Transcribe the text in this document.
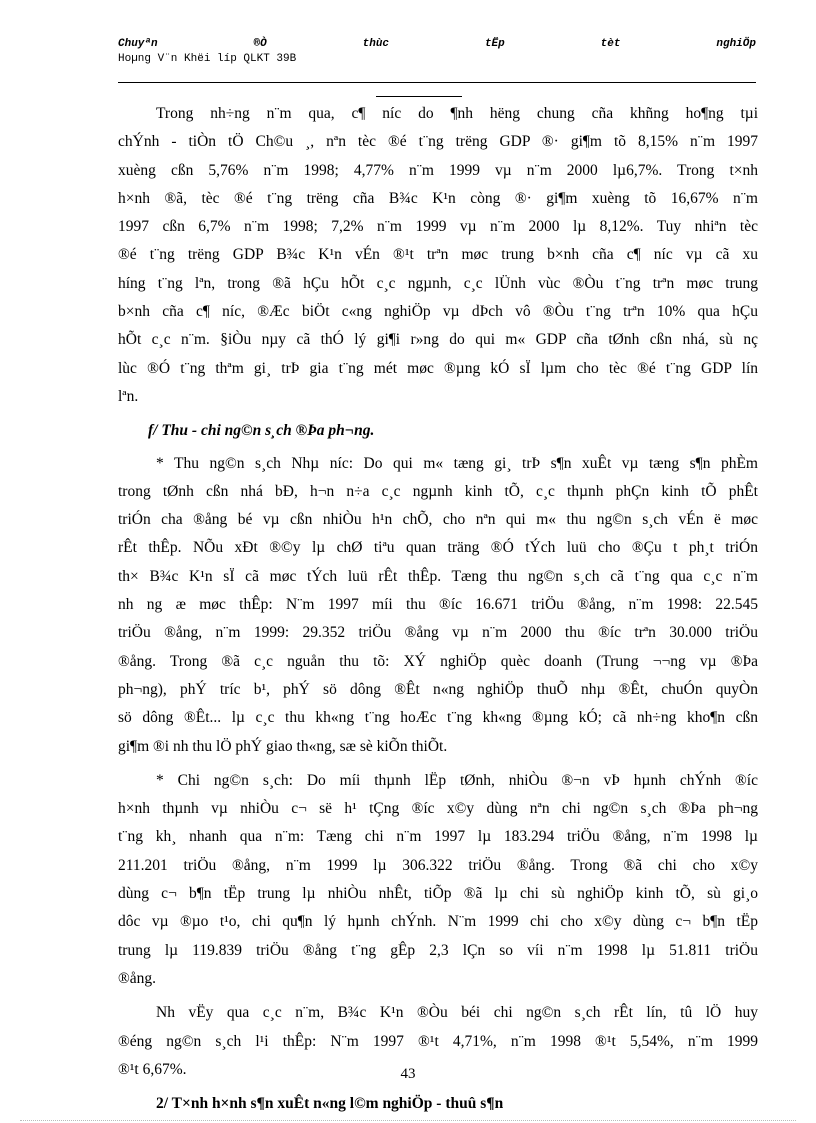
Chuyªn	®Ò	thùc	tËp	tèt	nghiÖp
Hoµng V¨n Khëi líp QLKT 39B
Trong nh÷ng n¨m qua, c¶ níc do ¶nh hëng chung cña khñng ho¶ng tµi
chÝnh - tiÒn tÖ Ch©u ¸, nªn tèc ®é t¨ng trëng GDP ®· gi¶m tõ 8,15% n¨m 1997
xuèng cßn 5,76% n¨m 1998; 4,77% n¨m 1999 vµ n¨m 2000 lµ6,7%. Trong t×nh
h×nh ®ã, tèc ®é t¨ng trëng cña B¾c K¹n còng ®· gi¶m xuèng tõ 16,67% n¨m
1997 cßn 6,7% n¨m 1998; 7,2% n¨m 1999 vµ n¨m 2000 lµ 8,12%. Tuy nhiªn tèc
®é t¨ng trëng GDP B¾c K¹n vÉn ®¹t trªn møc trung b×nh cña c¶ níc vµ cã xu
híng t¨ng lªn, trong ®ã hÇu hÕt c¸c ngµnh, c¸c lÜnh vùc ®Òu t¨ng trªn møc trung
b×nh cña c¶ níc, ®Æc biÖt c«ng nghiÖp vµ dÞch vô ®Òu t¨ng trªn 10% qua hÇu
hÕt c¸c n¨m. §iÒu nµy cã thÓ lý gi¶i r»ng do qui m« GDP cña tØnh cßn nhá, sù nç
lùc ®Ó t¨ng thªm gi¸ trÞ gia t¨ng mét møc ®µng kÓ sÏ lµm cho tèc ®é t¨ng GDP lín
lªn.
f/ Thu - chi ng©n s¸ch ®Þa ph¬ng.
* Thu ng©n s¸ch Nhµ níc: Do qui m« tæng gi¸ trÞ s¶n xuÊt vµ tæng s¶n phÈm
trong tØnh cßn nhá bÐ, h¬n n÷a c¸c ngµnh kinh tÕ, c¸c thµnh phÇn kinh tÕ phÊt
triÓn cha ®ång bé vµ cßn nhiÒu h¹n chÕ, cho nªn qui m« thu ng©n s¸ch vÉn ë møc
rÊt thÊp. NÕu xÐt ®©y lµ chØ tiªu quan träng ®Ó tÝch luü cho ®Çu t ph¸t triÓn
th× B¾c K¹n sÏ cã møc tÝch luü rÊt thÊp. Tæng thu ng©n s¸ch cã t¨ng qua c¸c n¨m
nh ng æ møc thÊp: N¨m 1997 míi thu ®íc 16.671 triÖu ®ång, n¨m 1998: 22.545
triÖu ®ång, n¨m 1999: 29.352 triÖu ®ång vµ n¨m 2000 thu ®íc trªn 30.000 triÖu
®ång. Trong ®ã c¸c nguån thu tõ: XÝ nghiÖp quèc doanh (Trung ¬¬ng vµ ®Þa
ph¬ng), phÝ tríc b¹, phÝ sö dông ®Êt n«ng nghiÖp thuÕ nhµ ®Êt, chuÓn quyÒn
sö dông ®Êt... lµ c¸c thu kh«ng t¨ng hoÆc t¨ng kh«ng ®µng kÓ; cã nh÷ng kho¶n cßn
gi¶m ®i nh thu lÖ phÝ giao th«ng, sæ sè kiÕn thiÕt.
* Chi ng©n s¸ch: Do míi thµnh lËp tØnh, nhiÒu ®¬n vÞ hµnh chÝnh ®íc
h×nh thµnh vµ nhiÒu c¬ së h¹ tÇng ®íc x©y dùng nªn chi ng©n s¸ch ®Þa ph¬ng
t¨ng kh¸ nhanh qua n¨m: Tæng chi n¨m 1997 lµ 183.294 triÖu ®ång, n¨m 1998 lµ
211.201 triÖu ®ång, n¨m 1999 lµ 306.322 triÖu ®ång. Trong ®ã chi cho x©y
dùng c¬ b¶n tËp trung lµ nhiÒu nhÊt, tiÕp ®ã lµ chi sù nghiÖp kinh tÕ, sù gi¸o
dôc vµ ®µo t¹o, chi qu¶n lý hµnh chÝnh. N¨m 1999 chi cho x©y dùng c¬ b¶n tËp
trung lµ 119.839 triÖu ®ång t¨ng gÊp 2,3 lÇn so víi n¨m 1998 lµ 51.811 triÖu
®ång.
Nh vËy qua c¸c n¨m, B¾c K¹n ®Òu béi chi ng©n s¸ch rÊt lín, tû lÖ huy
®éng ng©n s¸ch l¹i thÊp: N¨m 1997 ®¹t 4,71%, n¨m 1998 ®¹t 5,54%, n¨m 1999
®¹t 6,67%.
2/ T×nh h×nh s¶n xuÊt n«ng l©m nghiÖp - thuû s¶n
43
